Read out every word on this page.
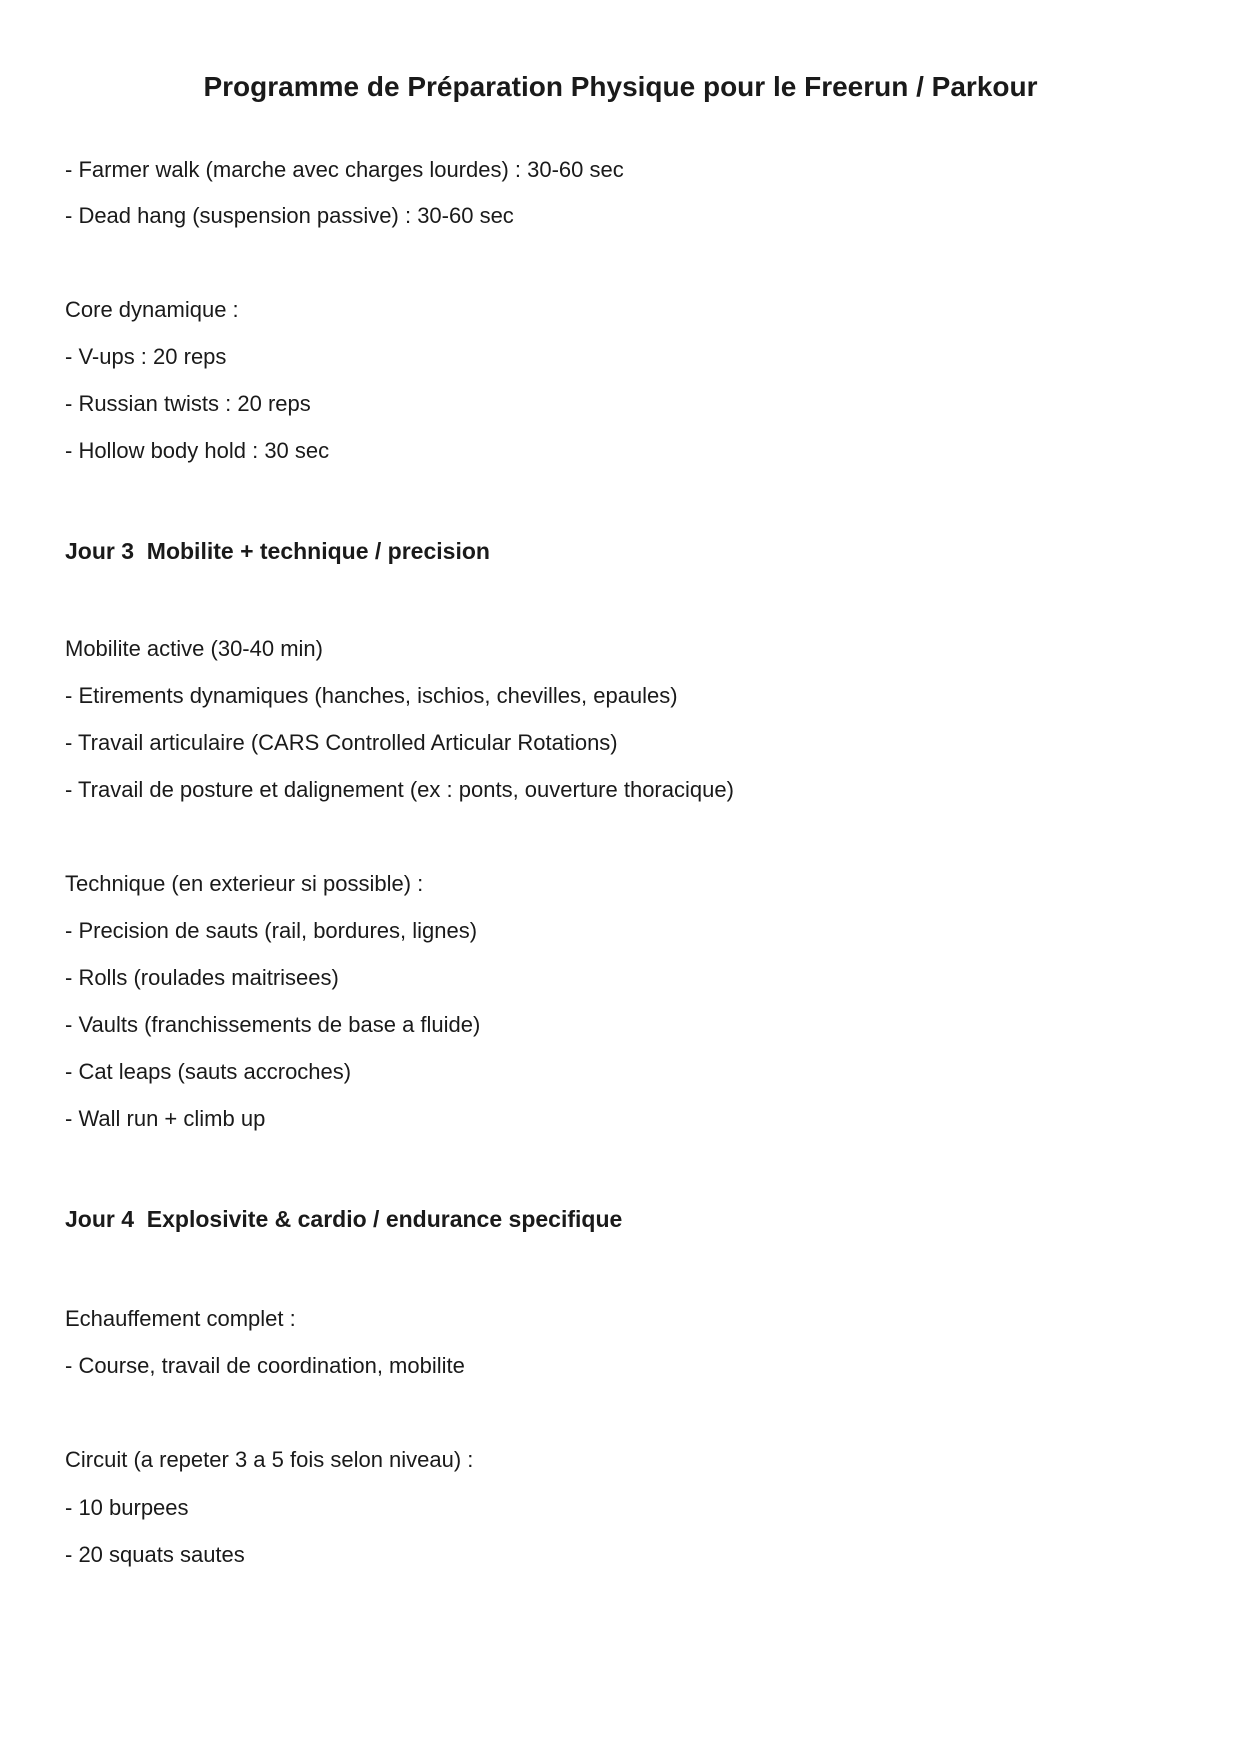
Programme de Préparation Physique pour le Freerun / Parkour
- Farmer walk (marche avec charges lourdes) : 30-60 sec
- Dead hang (suspension passive) : 30-60 sec
Core dynamique :
- V-ups : 20 reps
- Russian twists : 20 reps
- Hollow body hold : 30 sec
Jour 3  Mobilite + technique / precision
Mobilite active (30-40 min)
- Etirements dynamiques (hanches, ischios, chevilles, epaules)
- Travail articulaire (CARS Controlled Articular Rotations)
- Travail de posture et dalignement (ex : ponts, ouverture thoracique)
Technique (en exterieur si possible) :
- Precision de sauts (rail, bordures, lignes)
- Rolls (roulades maitrisees)
- Vaults (franchissements de base a fluide)
- Cat leaps (sauts accroches)
- Wall run + climb up
Jour 4  Explosivite & cardio / endurance specifique
Echauffement complet :
- Course, travail de coordination, mobilite
Circuit (a repeter 3 a 5 fois selon niveau) :
- 10 burpees
- 20 squats sautes
